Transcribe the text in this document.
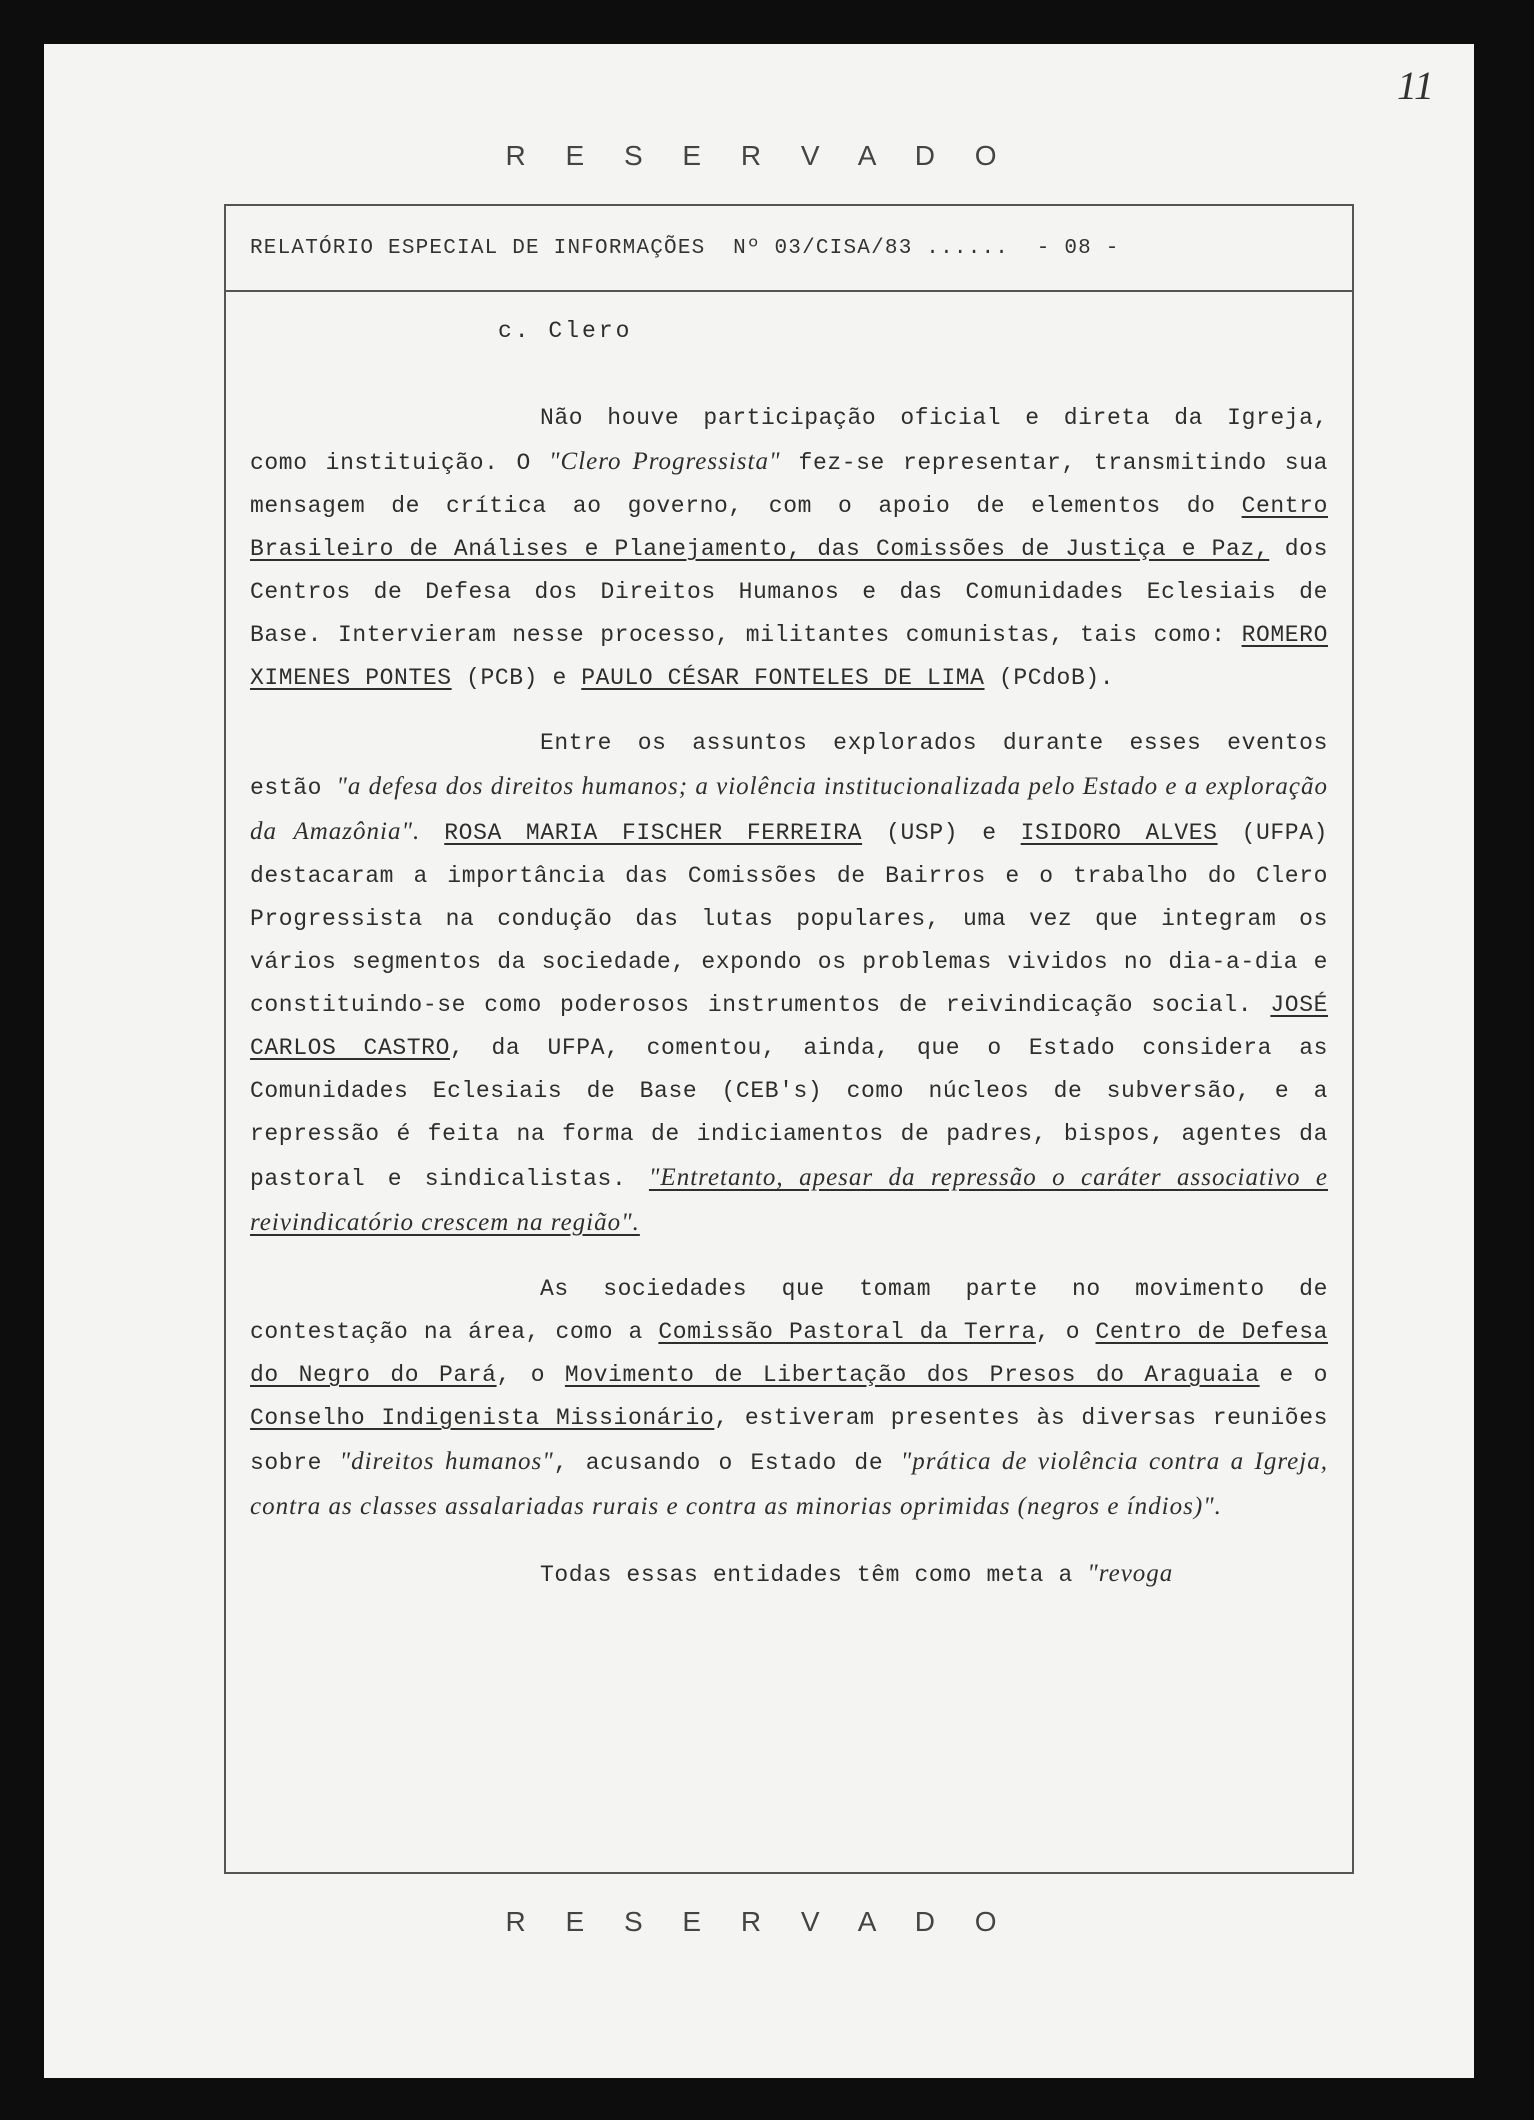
11
R E S E R V A D O
RELATÓRIO ESPECIAL DE INFORMAÇÕES  Nº 03/CISA/83 ......  - 08 -
c. Clero

Não houve participação oficial e direta da Igreja, como instituição. O "Clero Progressista" fez-se representar, transmitindo sua mensagem de crítica ao governo, com o apoio de elementos do Centro Brasileiro de Análises e Planejamento, das Comissões de Justiça e Paz, dos Centros de Defesa dos Direitos Humanos e das Comunidades Eclesiais de Base. Intervieram nesse processo, militantes comunistas, tais como: ROMERO XIMENES PONTES (PCB) e PAULO CÉSAR FONTELES DE LIMA (PCdoB).

Entre os assuntos explorados durante esses eventos estão "a defesa dos direitos humanos; a violência institucionalizada pelo Estado e a exploração da Amazônia". ROSA MARIA FISCHER FERREIRA (USP) e ISIDORO ALVES (UFPA) destacaram a importância das Comissões de Bairros e o trabalho do Clero Progressista na condução das lutas populares, uma vez que integram os vários segmentos da sociedade, expondo os problemas vividos no dia-a-dia e constituindo-se como poderosos instrumentos de reivindicação social. JOSÉ CARLOS CASTRO, da UFPA, comentou, ainda, que o Estado considera as Comunidades Eclesiais de Base (CEB's) como núcleos de subversão, e a repressão é feita na forma de indiciamentos de padres, bispos, agentes da pastoral e sindicalistas. "Entretanto, apesar da repressão o caráter associativo e reivindicatório crescem na região".

As sociedades que tomam parte no movimento de contestação na área, como a Comissão Pastoral da Terra, o Centro de Defesa do Negro do Pará, o Movimento de Libertação dos Presos do Araguaia e o Conselho Indigenista Missionário, estiveram presentes às diversas reuniões sobre "direitos humanos", acusando o Estado de "prática de violência contra a Igreja, contra as classes assalariadas rurais e contra as minorias oprimidas (negros e índios)".

Todas essas entidades têm como meta a "revoga

R E S E R V A D O
